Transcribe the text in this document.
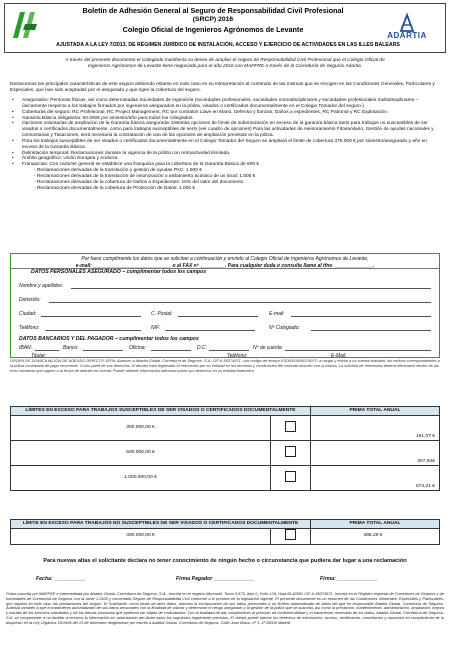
Boletín de Adhesión General al Seguro de Responsabilidad Civil Profesional
(SRCP) 2016
Colegio Oficial de Ingenieros Agrónomos de Levante
AJUSTADA A LA LEY 7/2013, DE RÉGIMEN JURÍDICO DE INSTALACIÓN, ACCESO Y EJERCICIO DE ACTIVIDADES EN LAS ILLES BALEARS
ADARTIA
A través del presente documento el Colegiado manifiesta su deseo de ampliar el seguro de Responsabilidad Civil Profesional que el Colegio Oficial de
Ingenieros Agrónomos de Levante tiene negociado para el año 2016 con MAPFRE a través de la Correduría de Seguros Adartia.
Destacamos las principales características de este seguro debiendo estarse en todo caso en su interpretación al contenido de las mismas que se recogen en las Condiciones Generales, Particulares y Especiales, que han sido aceptadas por el asegurado y que rigen la cobertura del seguro.
• Asegurados: Personas físicas, así como determinadas Sociedades de ingeniería (sociedades profesionales, sociedades monodisciplinares y sociedades profesionales multidisciplinares – únicamente respecto a los trabajos firmados por ingenieros asegurados en la póliza, visados o certificados documentalmente en el Colegio Tomador del seguro-)
• Coberturas del seguro: RC Profesional, RC Project Management, RC por contratos Llave en Mano, Defensa y fianzas, Daños a expedientes, RC Patronal y RC Explotación.
• Garantía Básica obligatoria: 60.000€ por siniestro/año para todos los colegiados.
• Opciones voluntarias de ampliación de la Garantía básica asegurada: Distintas opciones de límite de indemnización en exceso de la garantía básica tanto para trabajos no susceptibles de ser visados o certificados documentalmente, como para trabajos susceptibles de serlo (ver cuadro de opciones) Para las actividades de Asesoramiento Fitosanitario, Gestión de ayudas nacionales y comunitarias y Tasaciones, será necesaria la contratación de una de las opciones de ampliación previstas en la póliza.
• Para los trabajos susceptibles de ser visados o certificados documentalmente en el Colegio Tomador del Seguro se ampliará el límite de cobertura 375.000 € por siniestro/asegurado y año en exceso de la Garantía Básica.
• Delimitación temporal: Reclamaciones durante la vigencia de la póliza con retroactividad ilimitada.
• Ámbito geográfico: Unión Europea y Andorra.
• Franquicias: Con carácter general se establece una franquicia para la cobertura de la Garantía Básica de 600 €
- Reclamaciones derivadas de la tramitación y gestión de ayudas PAC: 1.500 €
- Reclamaciones derivadas de la tramitación de insonoración o aislamiento acústico de un local: 1.500 €
- Reclamaciones derivadas de la cobertura de Daños a Expedientes: 10% del valor del documento
- Reclamaciones derivadas de la cobertura de Protección de Datos: 1.000 €
Por favor cumplimente los datos que se solicitan a continuación y envíelo al Colegio Oficial de Ingenieros Agrónomos de Levante,
e-mail: ____________________________ o al FAX nº _________. Para cualquier duda o consulta llame al tfno ______________.
DATOS PERSONALES ASEGURADO – cumplimentar todos los campos
Nombre y apellidos:
Domicilio:
Ciudad:	C. Postal:	E-mail:
Teléfono:	NIF:	Nº Colegiado:
DATOS BANCARIOS Y DEL PAGADOR – cumplimentar todos los campos
IBAN:	Banco:	Oficina:	D.C:	Nº de cuenta
Titular:	Teléfono:	E-Mail:
ORDEN DE DOMICILIACIÓN DE ADEUDO DIRECTO SEPA: Autorizo a Adartia Global, Correduría de Seguros, S.A. CIF A-95374971, con código de emisor ES00001A95374971, a cargar y enviar a mi cuenta indicada, los recibos correspondientes a la póliza contratada de pago recurrente. Como parte de sus derechos, el deudor está legitimado al reembolso por su entidad en los términos y condiciones del contrato suscrito con la misma. La solicitud de reembolso deberá efectuarse dentro de las ocho semanas que siguen a la fecha de adeudo en cuenta. Puede obtener información adicional sobre sus derechos en su entidad financiera.
LÍMITES EN EXCESO PARA TRABAJOS SUSCEPTIBLES DE SER VISADOS O CERTIFICADOS DOCUMENTALMENTE		PRIMA TOTAL ANUAL
300.000,00 €		191,07 €
600.000,00 €		307,84€
1.000.000,00 €		573,21 €
LÍMITE EN EXCESO PARA TRABAJOS NO SUSCEPTIBLES DE SER VISADOS O CERTIFICADOS DOCUMENTALMENTE		PRIMA TOTAL ANUAL
300.000,00 €		488,29 €
Para nuevas altas el solicitante declara no tener conocimiento de ningún hecho o circunstancia que pudiera dar lugar a una reclamación
Fecha: ___________	Firma Pagador ______________	Firma: ______________
Póliza suscrita por MAPFRE e intermediada por Adartia Global, Correduría de Seguros, S.A.. Inscrita en el registro Mercantil, Tomo 4.575, libro 0, Folio 139, Hoja BI-42981 CIF A-95374971. Inscrita en el Registro especial de Corredores de Seguros y de sociedades de Correduría de Seguros con la clave J-2428 y concertado Seguro de Responsabilidad Civil conforme a lo previsto en la legislación vigente. El presente documento es un resumen de las Condiciones Generales, Especiales y Particulares, que regulan en todo caso las prestaciones del seguro. El Solicitante, como titular de tales datos, autoriza la incorporación de sus datos personales a un fichero automatizado de datos del que es responsable Adartia Global, Correduría de Seguros. Autoriza también a que el tratamiento automatizado de sus datos personales con la finalidad de valorar y determinar el riesgo asegurado y la gestión de la póliza que se suscriba, así como la prestación, mantenimiento, administración, ampliación, mejora y estudio de los servicios solicitados y de los demás productos que pudieran ser objeto de contratación. Con la finalidad de dar cumplimiento al principio de confidencialidad y el tratamiento reservado de los datos, Adartia Global, Correduría de Seguros, S.A. se compromete a no facilitar a terceros la información sin autorización del titular salvo los supuestos legalmente previstos. El cliente puede ejercer los derechos de información, acceso, rectificación, cancelación y oposición en cumplimiento de lo dispuesto en la Ley Orgánica 15/1999 del 13 de diciembre dirigiéndose por escrito a Adartia Global, Correduría de Seguros, Calle Juan Bravo, nº 3, 4º 28006 Madrid.
